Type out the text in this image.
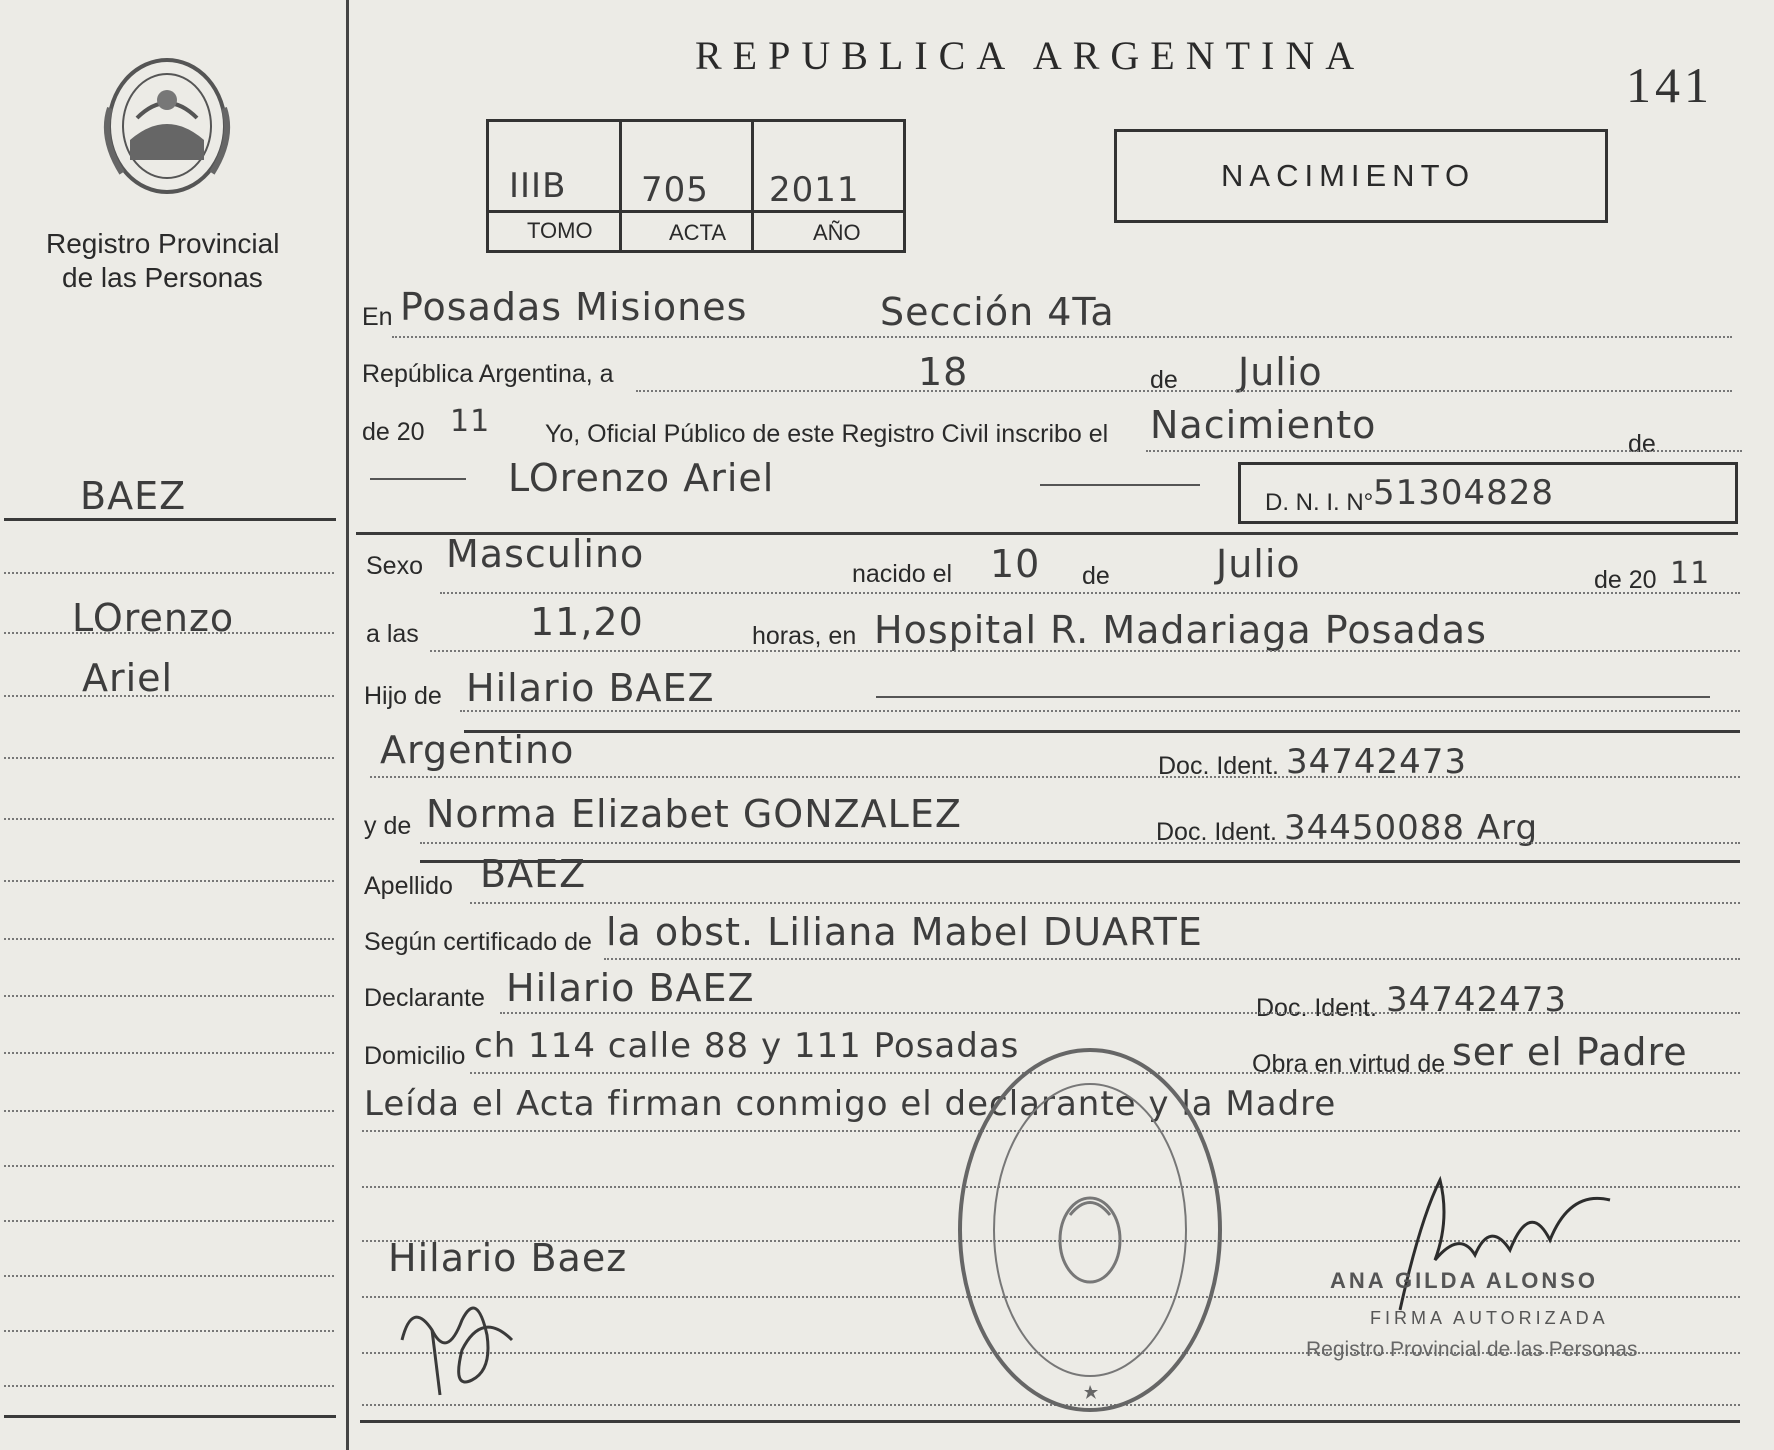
Registro Provincial
de las Personas
BAEZ
LOrenzo
Ariel
REPUBLICA ARGENTINA
141
IIIB 705 2011
TOMO	ACTA	AÑO
NACIMIENTO
En Posadas Misiones	Sección 4Ta
República Argentina, a	18	de Julio
de 20 11 Yo, Oficial Público de este Registro Civil inscribo el Nacimiento	de
LOrenzo Ariel
D. N. I. N° 51304828
Sexo Masculino	nacido el 10 de	Julio	de 20 11
a las	11,20	horas, en Hospital R. Madariaga Posadas
Hijo de Hilario BAEZ
Argentino	Doc. Ident. 34742473
y de Norma Elizabet GONZALEZ	Doc. Ident. 34450088 Arg
Apellido BAEZ
Según certificado de la obst. Liliana Mabel DUARTE
Declarante Hilario BAEZ	Doc. Ident. 34742473
Domicilio ch 114 calle 88 y 111 Posadas	Obra en virtud de ser el Padre
Leída el Acta firman conmigo el declarante y la Madre
Hilario Baez
ANA GILDA ALONSO
FIRMA AUTORIZADA
Registro Provincial de las Personas
